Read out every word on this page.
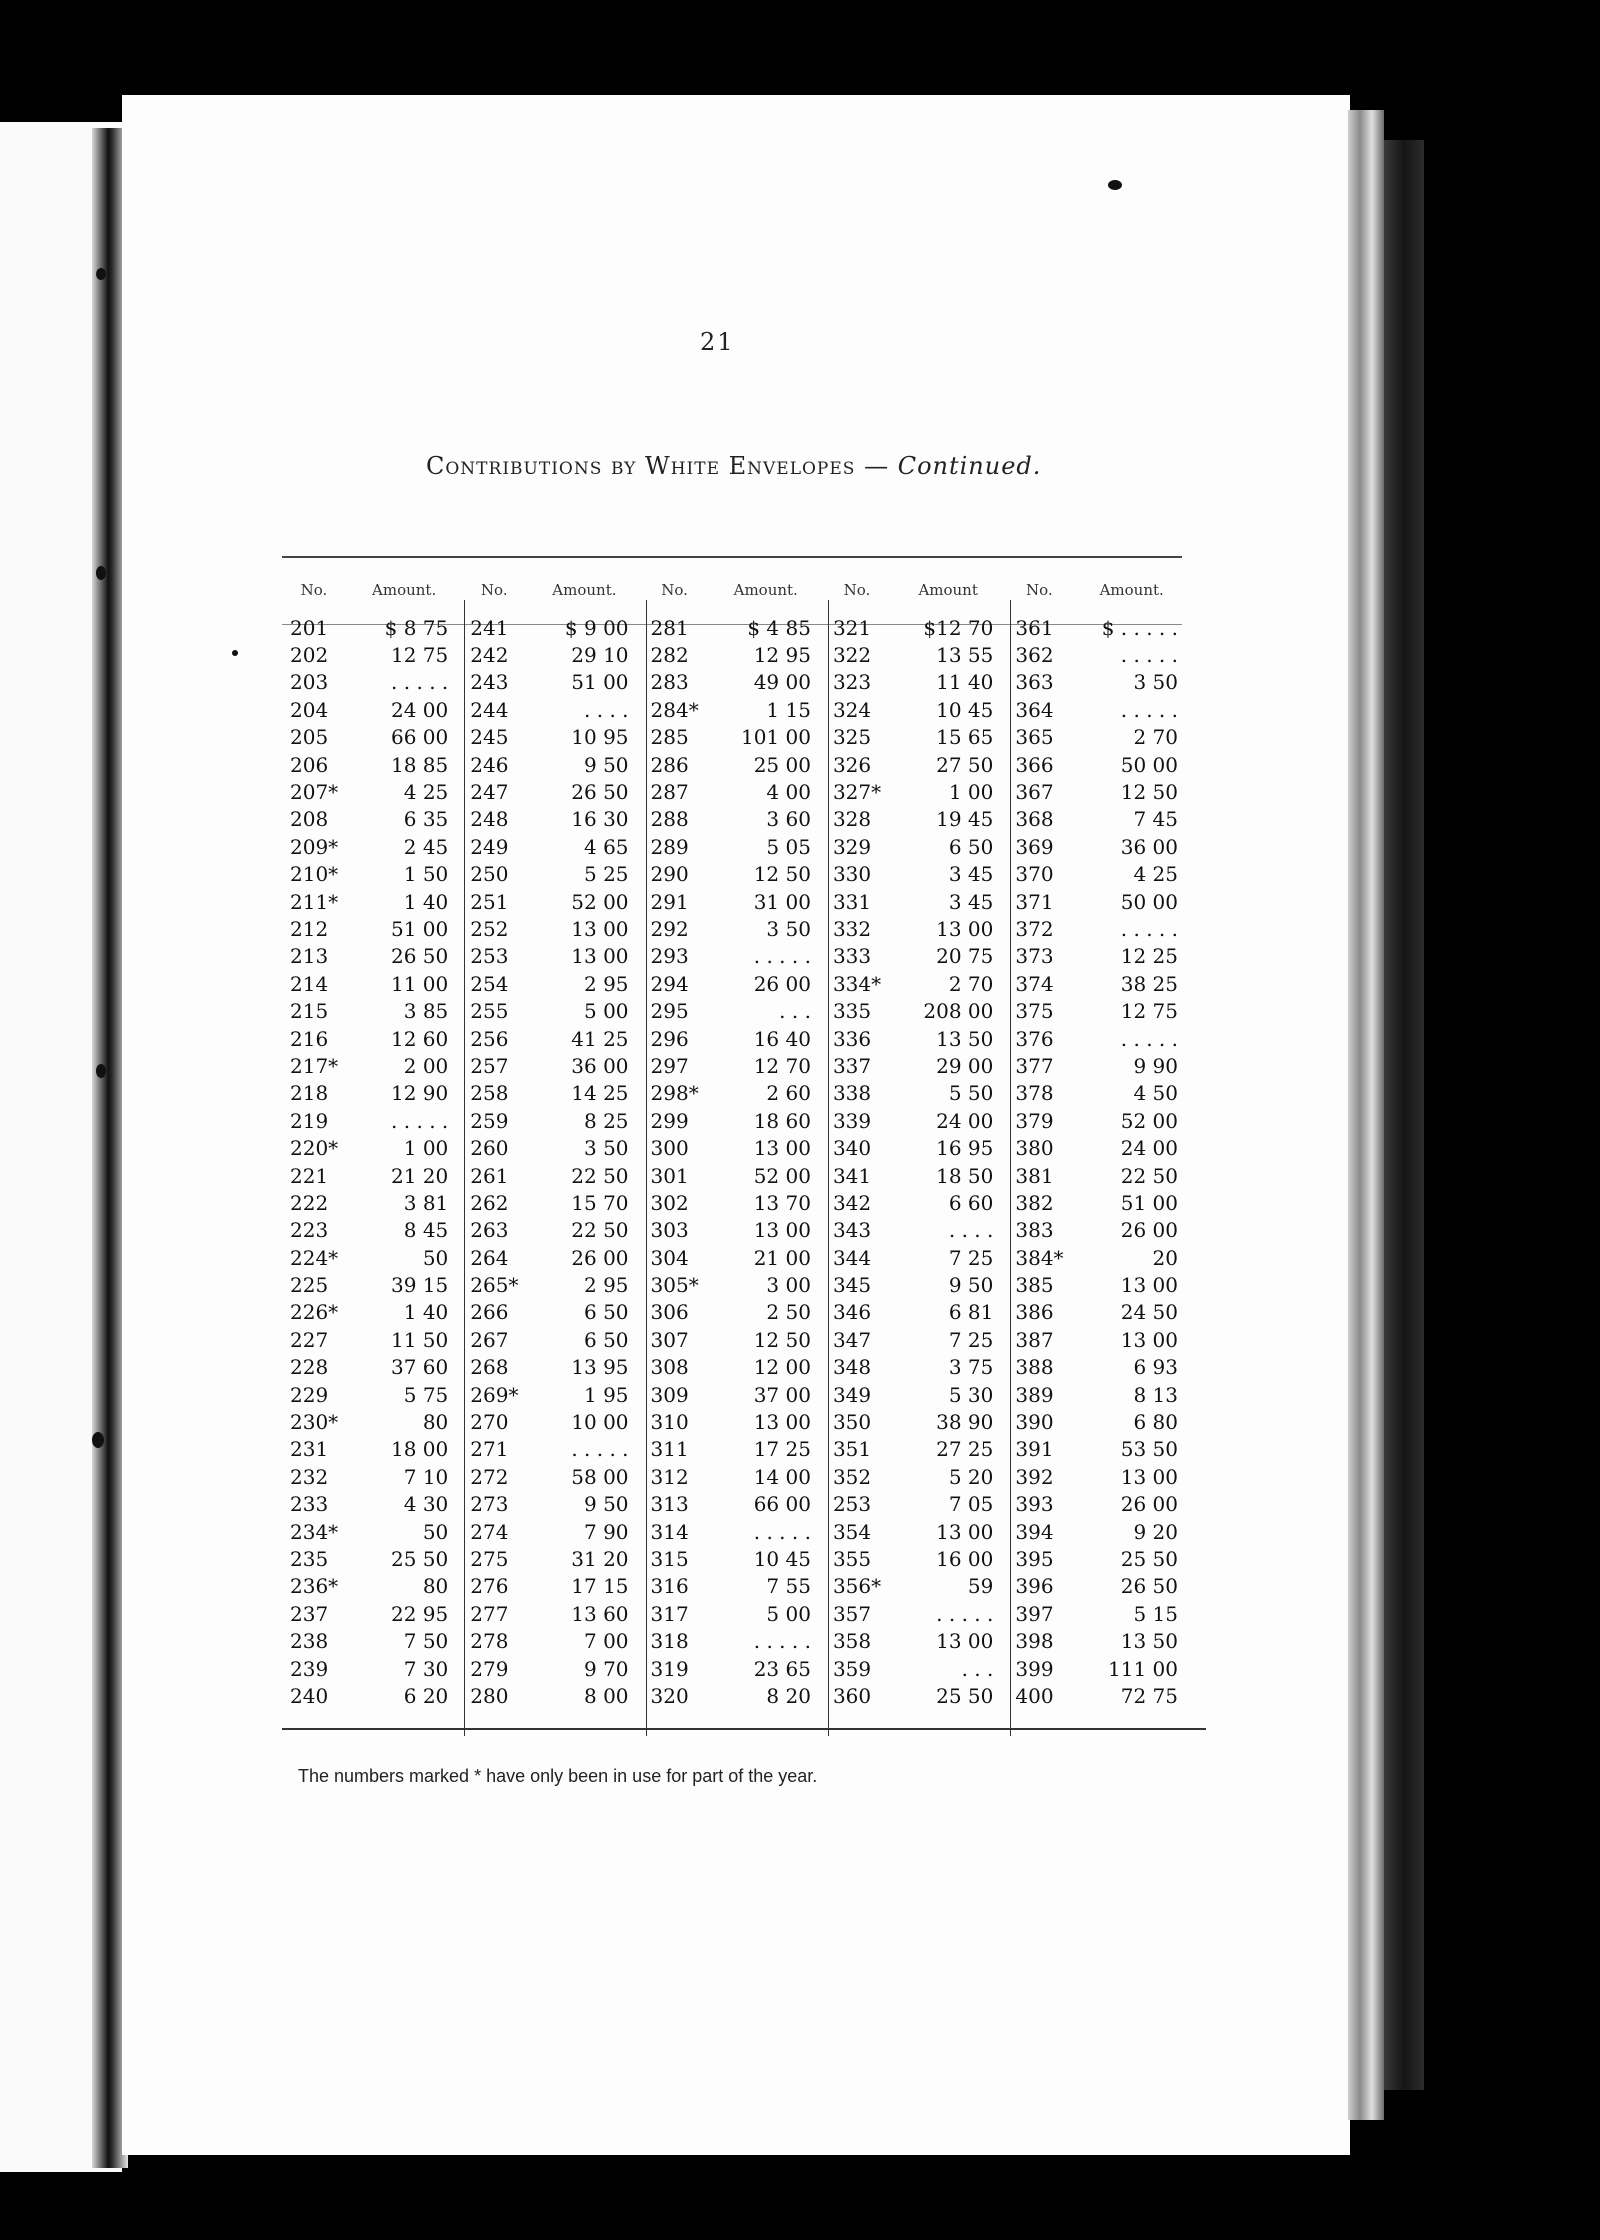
21
Contributions by White Envelopes — Continued.
No.	Amount.	No.	Amount.	No.	Amount.	No.	Amount	No.	Amount.
201	$ 8 75	241	$ 9 00	281	$ 4 85	321	$12 70	361	$ . . . . .
202	12 75	242	29 10	282	12 95	322	13 55	362	. . . . .
203	. . . . .	243	51 00	283	49 00	323	11 40	363	3 50
204	24 00	244	. . . .	284*	1 15	324	10 45	364	. . . . .
205	66 00	245	10 95	285	101 00	325	15 65	365	2 70
206	18 85	246	9 50	286	25 00	326	27 50	366	50 00
207*	4 25	247	26 50	287	4 00	327*	1 00	367	12 50
208	6 35	248	16 30	288	3 60	328	19 45	368	7 45
209*	2 45	249	4 65	289	5 05	329	6 50	369	36 00
210*	1 50	250	5 25	290	12 50	330	3 45	370	4 25
211*	1 40	251	52 00	291	31 00	331	3 45	371	50 00
212	51 00	252	13 00	292	3 50	332	13 00	372	. . . . .
213	26 50	253	13 00	293	. . . . .	333	20 75	373	12 25
214	11 00	254	2 95	294	26 00	334*	2 70	374	38 25
215	3 85	255	5 00	295	. . .	335	208 00	375	12 75
216	12 60	256	41 25	296	16 40	336	13 50	376	. . . . .
217*	2 00	257	36 00	297	12 70	337	29 00	377	9 90
218	12 90	258	14 25	298*	2 60	338	5 50	378	4 50
219	. . . . .	259	8 25	299	18 60	339	24 00	379	52 00
220*	1 00	260	3 50	300	13 00	340	16 95	380	24 00
221	21 20	261	22 50	301	52 00	341	18 50	381	22 50
222	3 81	262	15 70	302	13 70	342	6 60	382	51 00
223	8 45	263	22 50	303	13 00	343	. . . .	383	26 00
224*	50	264	26 00	304	21 00	344	7 25	384*	20
225	39 15	265*	2 95	305*	3 00	345	9 50	385	13 00
226*	1 40	266	6 50	306	2 50	346	6 81	386	24 50
227	11 50	267	6 50	307	12 50	347	7 25	387	13 00
228	37 60	268	13 95	308	12 00	348	3 75	388	6 93
229	5 75	269*	1 95	309	37 00	349	5 30	389	8 13
230*	80	270	10 00	310	13 00	350	38 90	390	6 80
231	18 00	271	. . . . .	311	17 25	351	27 25	391	53 50
232	7 10	272	58 00	312	14 00	352	5 20	392	13 00
233	4 30	273	9 50	313	66 00	253	7 05	393	26 00
234*	50	274	7 90	314	. . . . .	354	13 00	394	9 20
235	25 50	275	31 20	315	10 45	355	16 00	395	25 50
236*	80	276	17 15	316	7 55	356*	59	396	26 50
237	22 95	277	13 60	317	5 00	357	. . . . .	397	5 15
238	7 50	278	7 00	318	. . . . .	358	13 00	398	13 50
239	7 30	279	9 70	319	23 65	359	. . .	399	111 00
240	6 20	280	8 00	320	8 20	360	25 50	400	72 75
The numbers marked * have only been in use for part of the year.
